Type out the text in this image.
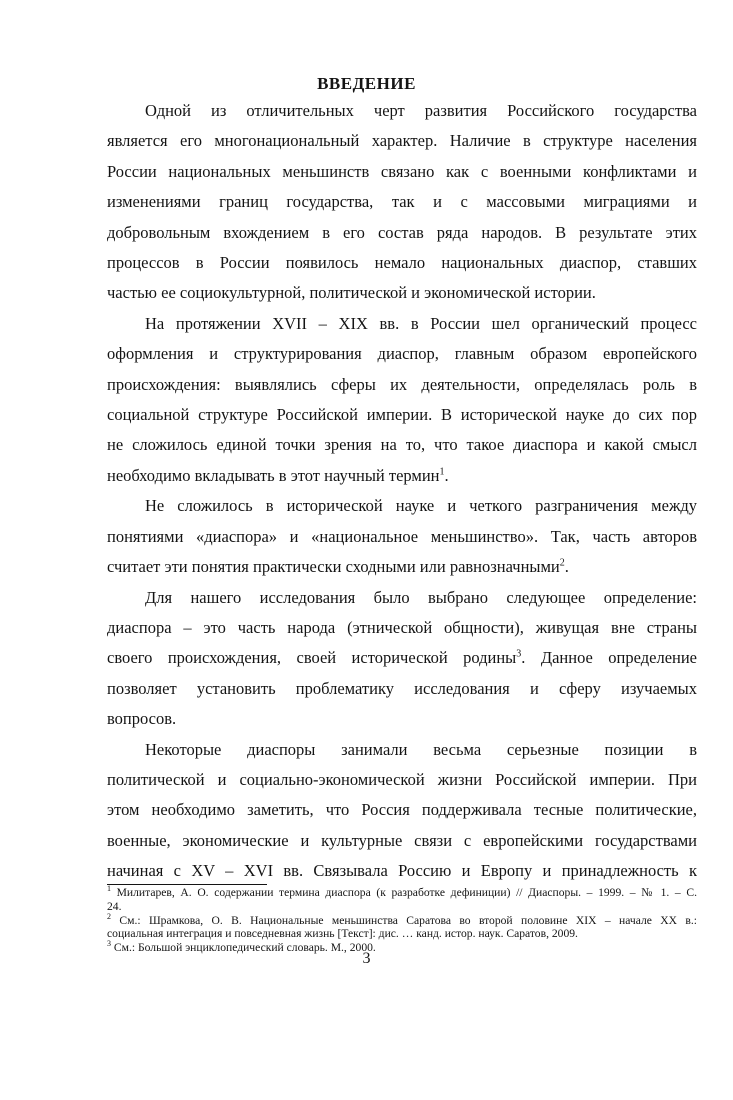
ВВЕДЕНИЕ

Одной из отличительных черт развития Российского государства
является его многонациональный характер. Наличие в структуре населения
России национальных меньшинств связано как с военными конфликтами и
изменениями границ государства, так и с массовыми миграциями и
добровольным вхождением в его состав ряда народов. В результате этих
процессов в России появилось немало национальных диаспор, ставших
частью ее социокультурной, политической и экономической истории.

На протяжении XVII – XIX вв. в России шел органический процесс
оформления и структурирования диаспор, главным образом европейского
происхождения: выявлялись сферы их деятельности, определялась роль в
социальной структуре Российской империи. В исторической науке до сих пор
не сложилось единой точки зрения на то, что такое диаспора и какой смысл
необходимо вкладывать в этот научный термин$^1$.

Не сложилось в исторической науке и четкого разграничения между
понятиями «диаспора» и «национальное меньшинство». Так, часть авторов
считает эти понятия практически сходными или равнозначными$^2$.

Для нашего исследования было выбрано следующее определение:
диаспора – это часть народа (этнической общности), живущая вне страны
своего происхождения, своей исторической родины$^3$. Данное определение
позволяет установить проблематику исследования и сферу изучаемых
вопросов.

Некоторые диаспоры занимали весьма серьезные позиции в
политической и социально-экономической жизни Российской империи. При
этом необходимо заметить, что Россия поддерживала тесные политические,
военные, экономические и культурные связи с европейскими государствами
начиная с XV – XVI вв. Связывала Россию и Европу и принадлежность к

$^1$ Милитарев, А. О. содержании термина диаспора (к разработке дефиниции) // Диаспоры. – 1999. – № 1. – С.
24.

$^2$ См.: Шрамкова, О. В. Национальные меньшинства Саратова во второй половине XIX – начале XX в.:
социальная интеграция и повседневная жизнь [Текст]: дис. … канд. истор. наук. Саратов, 2009.

$^3$ См.: Большой энциклопедический словарь. М., 2000.

3
